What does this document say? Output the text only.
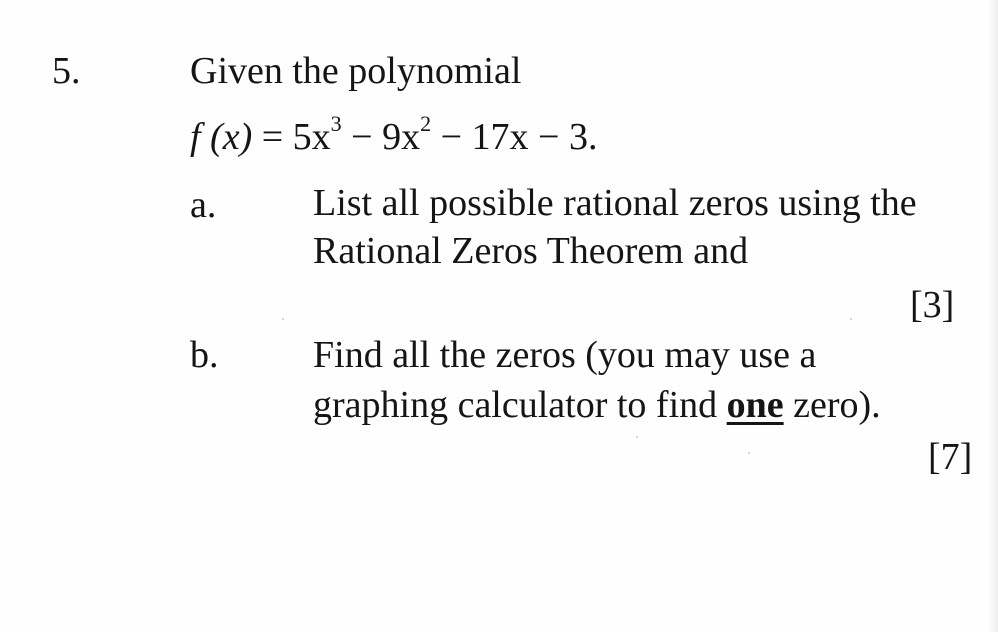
5.	Given the polynomial
f $(x) = 5x^3 - 9x^2 - 17x - 3$.
a.	List all possible rational zeros using the
Rational Zeros Theorem and
[3]
b. Find all the zeros (you may use a
graphing calculator to find one zero).
[7]
